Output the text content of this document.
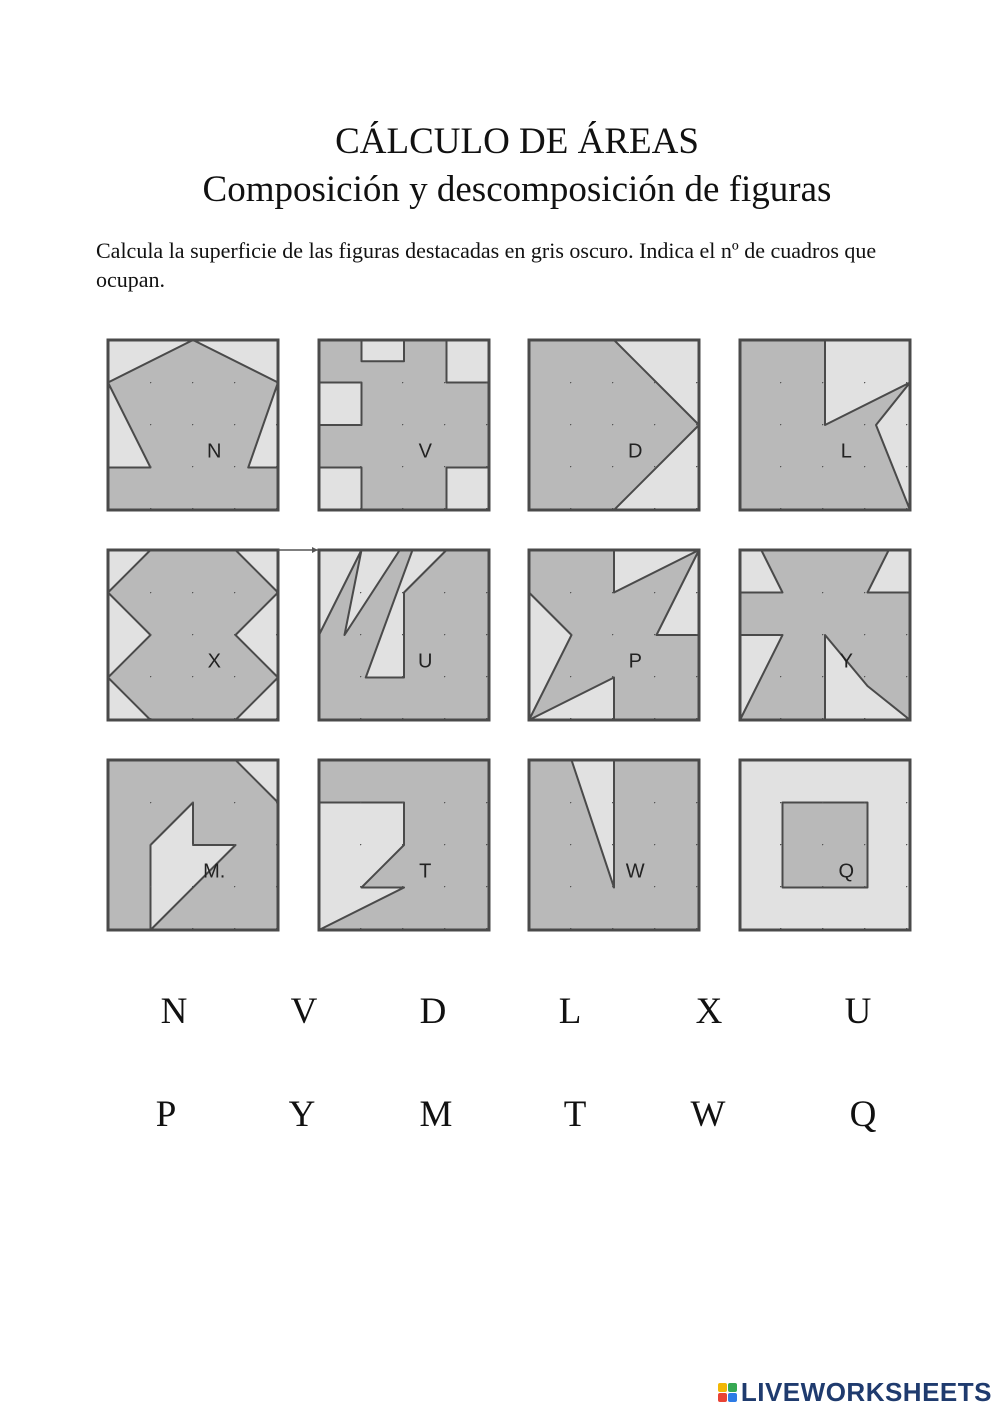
CÁLCULO DE ÁREAS
Composición y descomposición de figuras

Calcula la superficie de las figuras destacadas en gris oscuro. Indica el nº de cuadros que ocupan.

N	V	D	L
X	U	P	Y
M.	T	W	Q
N	V	D	L	X	U
P	Y	M	T	W	Q
LIVEWORKSHEETS
